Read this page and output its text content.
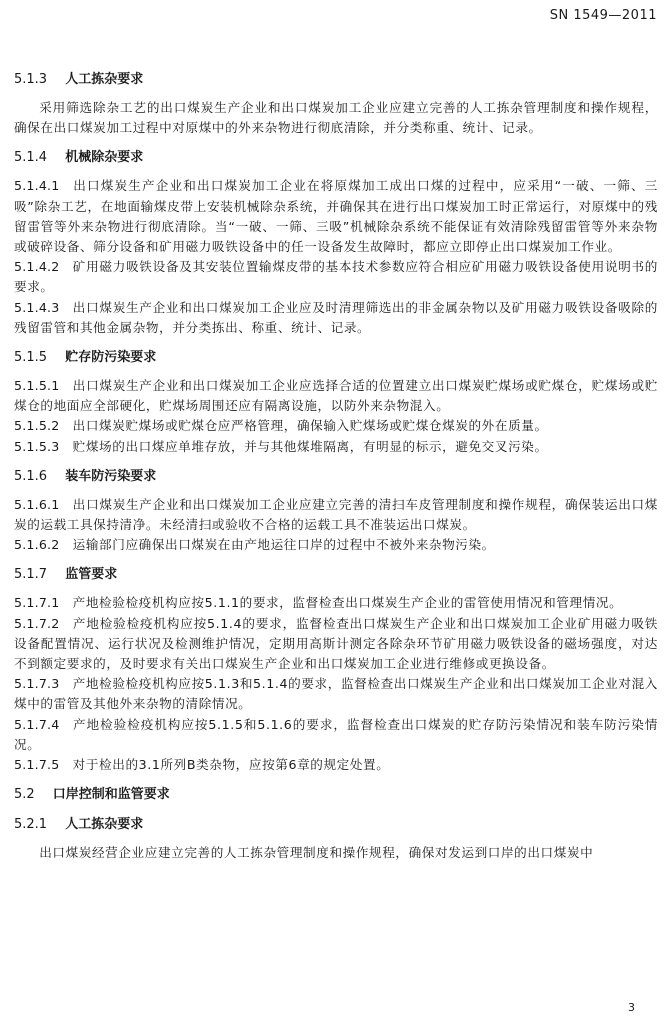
SN 1549—2011
5.1.3 人工拣杂要求

采用筛选除杂工艺的出口煤炭生产企业和出口煤炭加工企业应建立完善的人工拣杂管理制度和操作规程，确保在出口煤炭加工过程中对原煤中的外来杂物进行彻底清除，并分类称重、统计、记录。

5.1.4 机械除杂要求

5.1.4.1  出口煤炭生产企业和出口煤炭加工企业在将原煤加工成出口煤的过程中，应采用“一破、一筛、三吸”除杂工艺，在地面输煤皮带上安装机械除杂系统，并确保其在进行出口煤炭加工时正常运行，对原煤中的残留雷管等外来杂物进行彻底清除。当“一破、一筛、三吸”机械除杂系统不能保证有效清除残留雷管等外来杂物或破碎设备、筛分设备和矿用磁力吸铁设备中的任一设备发生故障时，都应立即停止出口煤炭加工作业。

5.1.4.2  矿用磁力吸铁设备及其安装位置输煤皮带的基本技术参数应符合相应矿用磁力吸铁设备使用说明书的要求。

5.1.4.3  出口煤炭生产企业和出口煤炭加工企业应及时清理筛选出的非金属杂物以及矿用磁力吸铁设备吸除的残留雷管和其他金属杂物，并分类拣出、称重、统计、记录。

5.1.5 贮存防污染要求

5.1.5.1  出口煤炭生产企业和出口煤炭加工企业应选择合适的位置建立出口煤炭贮煤场或贮煤仓，贮煤场或贮煤仓的地面应全部硬化，贮煤场周围还应有隔离设施，以防外来杂物混入。

5.1.5.2  出口煤炭贮煤场或贮煤仓应严格管理，确保输入贮煤场或贮煤仓煤炭的外在质量。

5.1.5.3  贮煤场的出口煤应单堆存放，并与其他煤堆隔离，有明显的标示，避免交叉污染。

5.1.6 装车防污染要求

5.1.6.1  出口煤炭生产企业和出口煤炭加工企业应建立完善的清扫车皮管理制度和操作规程，确保装运出口煤炭的运载工具保持清净。未经清扫或验收不合格的运载工具不准装运出口煤炭。

5.1.6.2  运输部门应确保出口煤炭在由产地运往口岸的过程中不被外来杂物污染。

5.1.7 监管要求

5.1.7.1  产地检验检疫机构应按5.1.1的要求，监督检查出口煤炭生产企业的雷管使用情况和管理情况。

5.1.7.2  产地检验检疫机构应按5.1.4的要求，监督检查出口煤炭生产企业和出口煤炭加工企业矿用磁力吸铁设备配置情况、运行状况及检测维护情况，定期用高斯计测定各除杂环节矿用磁力吸铁设备的磁场强度，对达不到额定要求的，及时要求有关出口煤炭生产企业和出口煤炭加工企业进行维修或更换设备。

5.1.7.3  产地检验检疫机构应按5.1.3和5.1.4的要求，监督检查出口煤炭生产企业和出口煤炭加工企业对混入煤中的雷管及其他外来杂物的清除情况。

5.1.7.4  产地检验检疫机构应按5.1.5和5.1.6的要求，监督检查出口煤炭的贮存防污染情况和装车防污染情况。

5.1.7.5  对于检出的3.1所列B类杂物，应按第6章的规定处置。

5.2 口岸控制和监管要求
5.2.1 人工拣杂要求

出口煤炭经营企业应建立完善的人工拣杂管理制度和操作规程，确保对发运到口岸的出口煤炭中

3
